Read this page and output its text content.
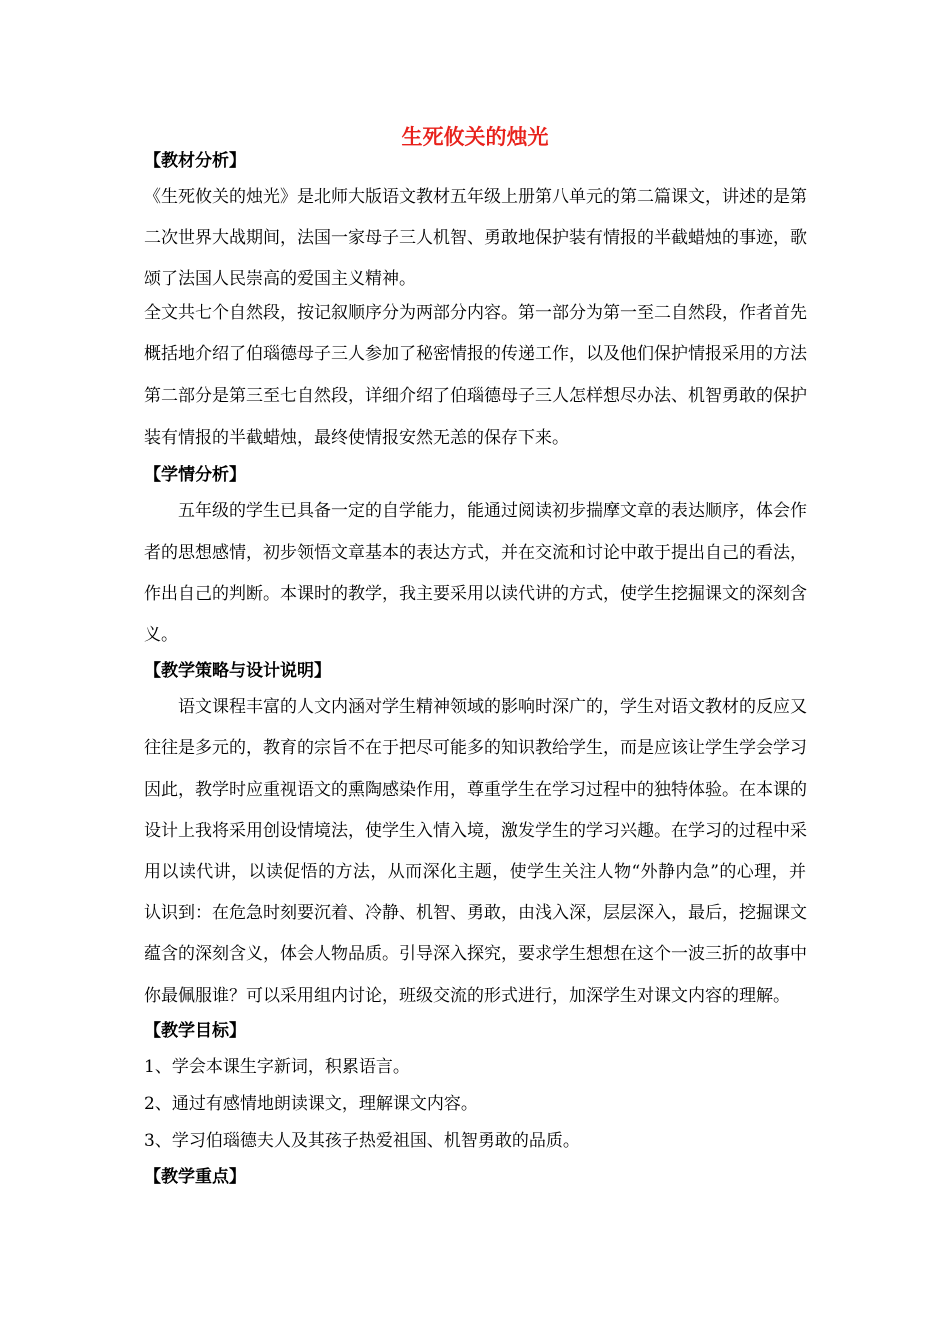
生死攸关的烛光
【教材分析】
《生死攸关的烛光》是北师大版语文教材五年级上册第八单元的第二篇课文，讲述的是第
二次世界大战期间，法国一家母子三人机智、勇敢地保护装有情报的半截蜡烛的事迹，歌
颂了法国人民崇高的爱国主义精神。
全文共七个自然段，按记叙顺序分为两部分内容。第一部分为第一至二自然段，作者首先
概括地介绍了伯瑙德母子三人参加了秘密情报的传递工作，以及他们保护情报采用的方法
第二部分是第三至七自然段，详细介绍了伯瑙德母子三人怎样想尽办法、机智勇敢的保护
装有情报的半截蜡烛，最终使情报安然无恙的保存下来。
【学情分析】
五年级的学生已具备一定的自学能力，能通过阅读初步揣摩文章的表达顺序，体会作
者的思想感情，初步领悟文章基本的表达方式，并在交流和讨论中敢于提出自己的看法，
作出自己的判断。本课时的教学，我主要采用以读代讲的方式，使学生挖掘课文的深刻含
义。
【教学策略与设计说明】
语文课程丰富的人文内涵对学生精神领域的影响时深广的，学生对语文教材的反应又
往往是多元的，教育的宗旨不在于把尽可能多的知识教给学生，而是应该让学生学会学习
因此，教学时应重视语文的熏陶感染作用，尊重学生在学习过程中的独特体验。在本课的
设计上我将采用创设情境法，使学生入情入境，激发学生的学习兴趣。在学习的过程中采
用以读代讲，以读促悟的方法，从而深化主题，使学生关注人物“外静内急”的心理，并
认识到：在危急时刻要沉着、冷静、机智、勇敢，由浅入深，层层深入，最后，挖掘课文
蕴含的深刻含义，体会人物品质。引导深入探究，要求学生想想在这个一波三折的故事中
你最佩服谁？可以采用组内讨论，班级交流的形式进行，加深学生对课文内容的理解。
【教学目标】
1、学会本课生字新词，积累语言。
2、通过有感情地朗读课文，理解课文内容。
3、学习伯瑙德夫人及其孩子热爱祖国、机智勇敢的品质。
【教学重点】
